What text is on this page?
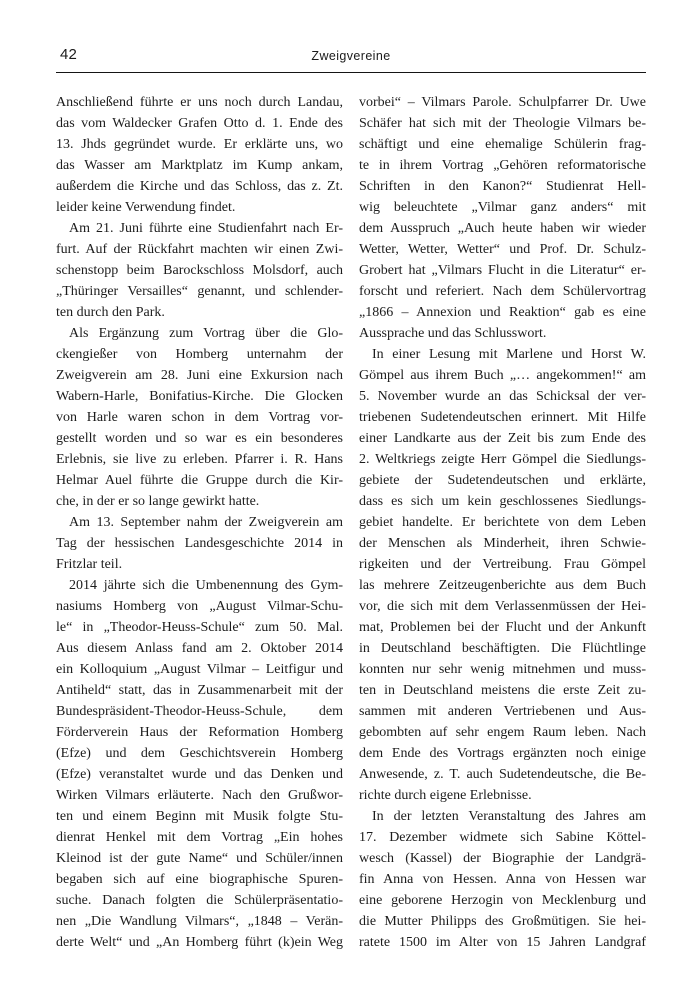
42	Zweigvereine
Anschließend führte er uns noch durch Landau,
das vom Waldecker Grafen Otto d. 1. Ende des
13. Jhds gegründet wurde. Er erklärte uns, wo
das Wasser am Marktplatz im Kump ankam,
außerdem die Kirche und das Schloss, das z. Zt.
leider keine Verwendung findet.
Am 21. Juni führte eine Studienfahrt nach Er-
furt. Auf der Rückfahrt machten wir einen Zwi-
schenstopp beim Barockschloss Molsdorf, auch
„Thüringer Versailles“ genannt, und schlender-
ten durch den Park.
Als Ergänzung zum Vortrag über die Glo-
ckengießer von Homberg unternahm der
Zweigverein am 28. Juni eine Exkursion nach
Wabern-Harle, Bonifatius-Kirche. Die Glocken
von Harle waren schon in dem Vortrag vor-
gestellt worden und so war es ein besonderes
Erlebnis, sie live zu erleben. Pfarrer i. R. Hans
Helmar Auel führte die Gruppe durch die Kir-
che, in der er so lange gewirkt hatte.
Am 13. September nahm der Zweigverein am
Tag der hessischen Landesgeschichte 2014 in
Fritzlar teil.
2014 jährte sich die Umbenennung des Gym-
nasiums Homberg von „August Vilmar-Schu-
le“ in „Theodor-Heuss-Schule“ zum 50. Mal.
Aus diesem Anlass fand am 2. Oktober 2014
ein Kolloquium „August Vilmar – Leitfigur und
Antiheld“ statt, das in Zusammenarbeit mit der
Bundespräsident-Theodor-Heuss-Schule, dem
Förderverein Haus der Reformation Homberg
(Efze) und dem Geschichtsverein Homberg
(Efze) veranstaltet wurde und das Denken und
Wirken Vilmars erläuterte. Nach den Grußwor-
ten und einem Beginn mit Musik folgte Stu-
dienrat Henkel mit dem Vortrag „Ein hohes
Kleinod ist der gute Name“ und Schüler/innen
begaben sich auf eine biographische Spuren-
suche. Danach folgten die Schülerpräsentatio-
nen „Die Wandlung Vilmars“, „1848 – Verän-
derte Welt“ und „An Homberg führt (k)ein Weg
vorbei“ – Vilmars Parole. Schulpfarrer Dr. Uwe
Schäfer hat sich mit der Theologie Vilmars be-
schäftigt und eine ehemalige Schülerin frag-
te in ihrem Vortrag „Gehören reformatorische
Schriften in den Kanon?“ Studienrat Hell-
wig beleuchtete „Vilmar ganz anders“ mit
dem Ausspruch „Auch heute haben wir wieder
Wetter, Wetter, Wetter“ und Prof. Dr. Schulz-
Grobert hat „Vilmars Flucht in die Literatur“ er-
forscht und referiert. Nach dem Schülervortrag
„1866 – Annexion und Reaktion“ gab es eine
Aussprache und das Schlusswort.
In einer Lesung mit Marlene und Horst W.
Gömpel aus ihrem Buch „… angekommen!“ am
5. November wurde an das Schicksal der ver-
triebenen Sudetendeutschen erinnert. Mit Hilfe
einer Landkarte aus der Zeit bis zum Ende des
2. Weltkriegs zeigte Herr Gömpel die Siedlungs-
gebiete der Sudetendeutschen und erklärte,
dass es sich um kein geschlossenes Siedlungs-
gebiet handelte. Er berichtete von dem Leben
der Menschen als Minderheit, ihren Schwie-
rigkeiten und der Vertreibung. Frau Gömpel
las mehrere Zeitzeugenberichte aus dem Buch
vor, die sich mit dem Verlassenmüssen der Hei-
mat, Problemen bei der Flucht und der Ankunft
in Deutschland beschäftigten. Die Flüchtlinge
konnten nur sehr wenig mitnehmen und muss-
ten in Deutschland meistens die erste Zeit zu-
sammen mit anderen Vertriebenen und Aus-
gebombten auf sehr engem Raum leben. Nach
dem Ende des Vortrags ergänzten noch einige
Anwesende, z. T. auch Sudetendeutsche, die Be-
richte durch eigene Erlebnisse.
In der letzten Veranstaltung des Jahres am
17. Dezember widmete sich Sabine Köttel-
wesch (Kassel) der Biographie der Landgrä-
fin Anna von Hessen. Anna von Hessen war
eine geborene Herzogin von Mecklenburg und
die Mutter Philipps des Großmütigen. Sie hei-
ratete 1500 im Alter von 15 Jahren Landgraf
